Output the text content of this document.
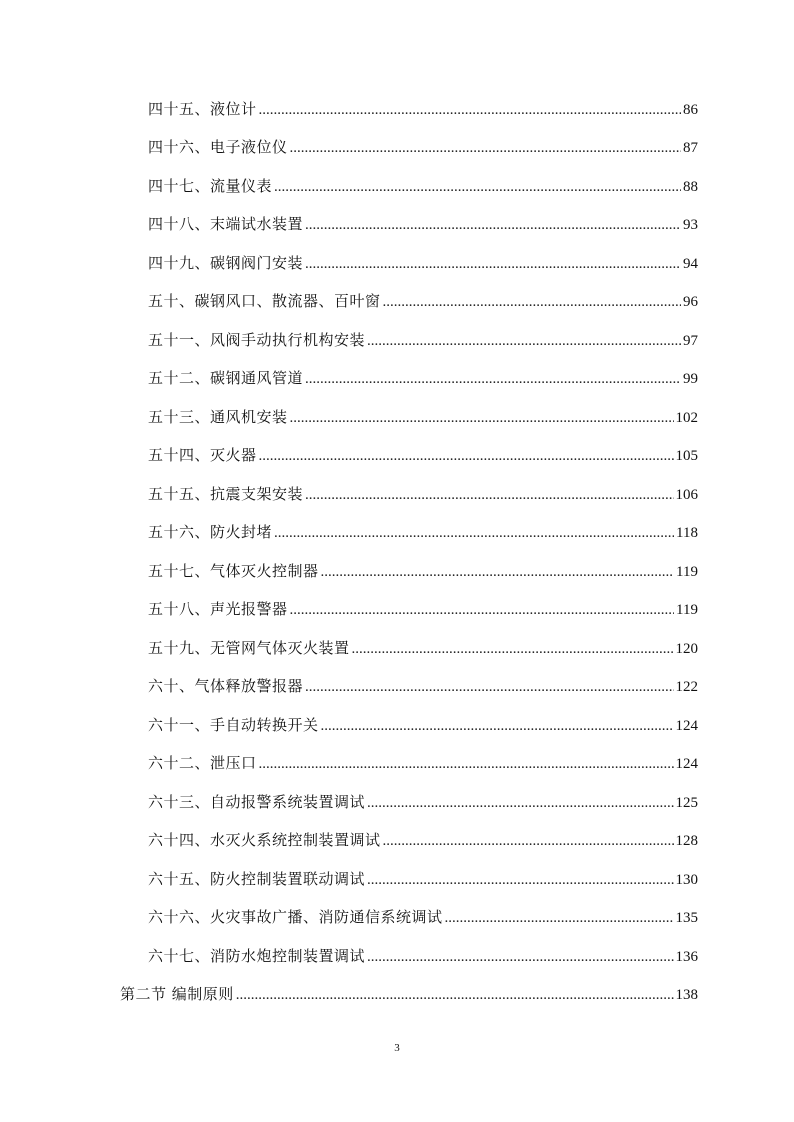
四十五、液位计 .....	86
四十六、电子液位仪 .....	87
四十七、流量仪表 .....	88
四十八、末端试水装置 .....	93
四十九、碳钢阀门安装 .....	94
五十、碳钢风口、散流器、百叶窗 .....	96
五十一、风阀手动执行机构安装 .....	97
五十二、碳钢通风管道 .....	99
五十三、通风机安装 .....	102
五十四、灭火器 .....	105
五十五、抗震支架安装 .....	106
五十六、防火封堵 .....	118
五十七、气体灭火控制器 .....	119
五十八、声光报警器 .....	119
五十九、无管网气体灭火装置 .....	120
六十、气体释放警报器 .....	122
六十一、手自动转换开关 .....	124
六十二、泄压口 .....	124
六十三、自动报警系统装置调试 .....	125
六十四、水灭火系统控制装置调试 .....	128
六十五、防火控制装置联动调试 .....	130
六十六、火灾事故广播、消防通信系统调试 .....	135
六十七、消防水炮控制装置调试 .....	136
第二节 编制原则 .....	138
3
